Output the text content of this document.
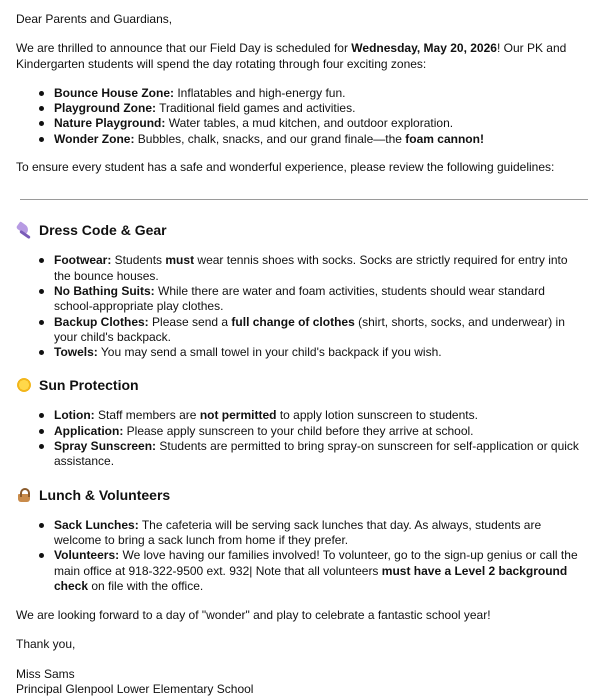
Dear Parents and Guardians,

We are thrilled to announce that our Field Day is scheduled for Wednesday, May 20, 2026! Our PK and Kindergarten students will spend the day rotating through four exciting zones:

Bounce House Zone: Inflatables and high-energy fun.
Playground Zone: Traditional field games and activities.
Nature Playground: Water tables, a mud kitchen, and outdoor exploration.
Wonder Zone: Bubbles, chalk, snacks, and our grand finale—the foam cannon!

To ensure every student has a safe and wonderful experience, please review the following guidelines:

Dress Code & Gear
Footwear: Students must wear tennis shoes with socks. Socks are strictly required for entry into the bounce houses.
No Bathing Suits: While there are water and foam activities, students should wear standard school-appropriate play clothes.
Backup Clothes: Please send a full change of clothes (shirt, shorts, socks, and underwear) in your child's backpack.
Towels: You may send a small towel in your child's backpack if you wish.
Sun Protection
Lotion: Staff members are not permitted to apply lotion sunscreen to students.
Application: Please apply sunscreen to your child before they arrive at school.
Spray Sunscreen: Students are permitted to bring spray-on sunscreen for self-application or quick assistance.
Lunch & Volunteers
Sack Lunches: The cafeteria will be serving sack lunches that day. As always, students are welcome to bring a sack lunch from home if they prefer.
Volunteers: We love having our families involved! To volunteer, go to the sign-up genius or call the main office at 918-322-9500 ext. 932| Note that all volunteers must have a Level 2 background check on file with the office.

We are looking forward to a day of "wonder" and play to celebrate a fantastic school year!

Thank you,

Miss Sams

Principal Glenpool Lower Elementary School
